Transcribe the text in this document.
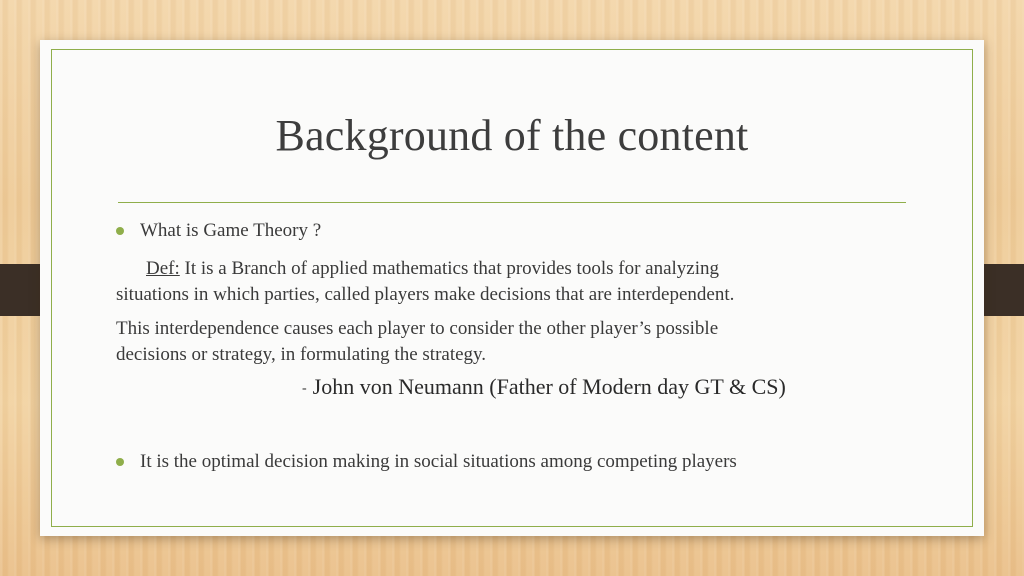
Background of the content
What is Game Theory ?
Def: It is a Branch of applied mathematics that provides tools for analyzing
situations in which parties, called players make decisions that are interdependent.
This interdependence causes each player to consider the other player’s possible
decisions or strategy, in formulating the strategy.
- John von Neumann (Father of Modern day GT & CS)
It is the optimal decision making in social situations among competing players
